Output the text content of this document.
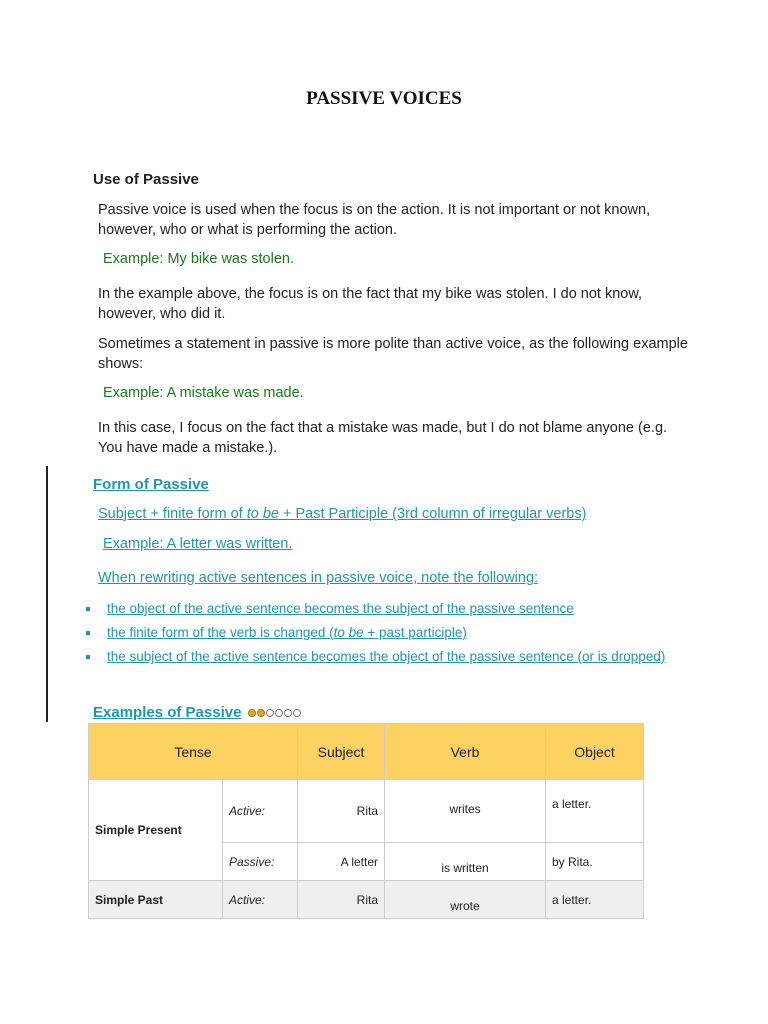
PASSIVE VOICES
Use of Passive
Passive voice is used when the focus is on the action. It is not important or not known, however, who or what is performing the action.
Example: My bike was stolen.
In the example above, the focus is on the fact that my bike was stolen. I do not know, however, who did it.
Sometimes a statement in passive is more polite than active voice, as the following example shows:
Example: A mistake was made.
In this case, I focus on the fact that a mistake was made, but I do not blame anyone (e.g. You have made a mistake.).
Form of Passive
Subject + finite form of to be + Past Participle (3rd column of irregular verbs)
Example: A letter was written.
When rewriting active sentences in passive voice, note the following:
the object of the active sentence becomes the subject of the passive sentence
the finite form of the verb is changed (to be + past participle)
the subject of the active sentence becomes the object of the passive sentence (or is dropped)
Examples of Passive
Tense		Subject	Verb	Object
Simple Present	Active:	Rita	writes	a letter.
	Passive:	A letter	is written	by Rita.
Simple Past	Active:	Rita	wrote	a letter.
